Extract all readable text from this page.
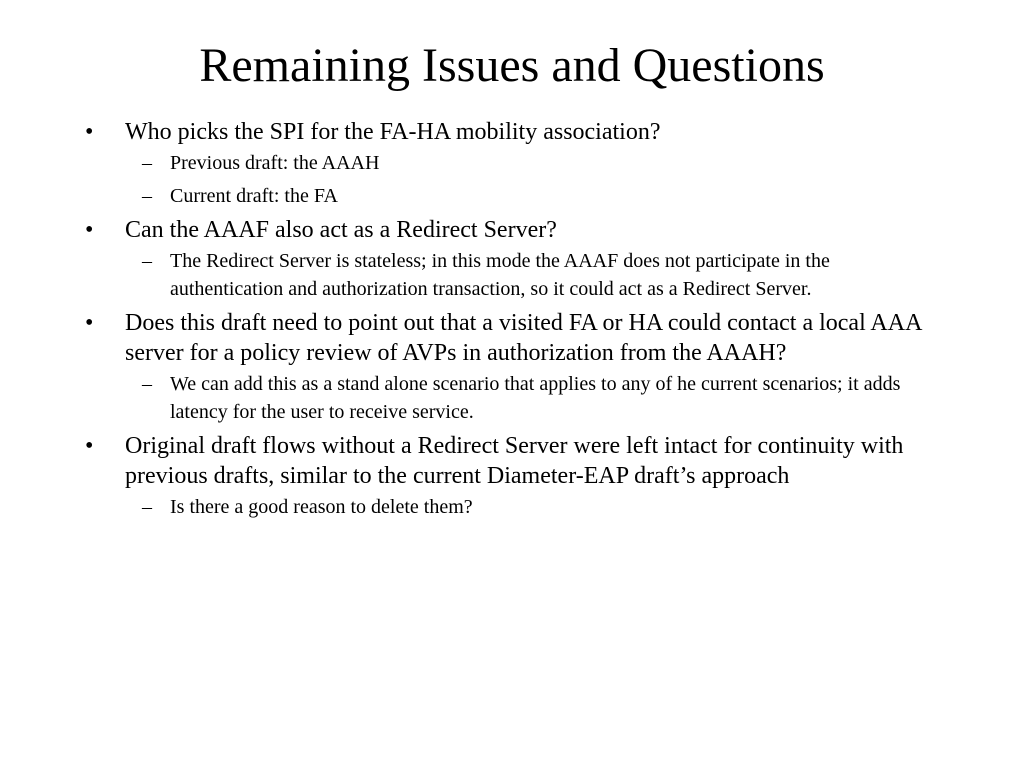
Remaining Issues and Questions
•	Who picks the SPI for the FA-HA mobility association?
– Previous draft: the AAAH
– Current draft: the FA
•	Can the AAAF also act as a Redirect Server?
– The Redirect Server is stateless; in this mode the AAAF does not participate in the authentication and authorization transaction, so it could act as a Redirect Server.
•	Does this draft need to point out that a visited FA or HA could contact a local AAA server for a policy review of AVPs in authorization from the AAAH?
– We can add this as a stand alone scenario that applies to any of he current scenarios; it adds latency for the user to receive service.
•	Original draft flows without a Redirect Server were left intact for continuity with previous drafts, similar to the current Diameter-EAP draft’s approach
– Is there a good reason to delete them?
